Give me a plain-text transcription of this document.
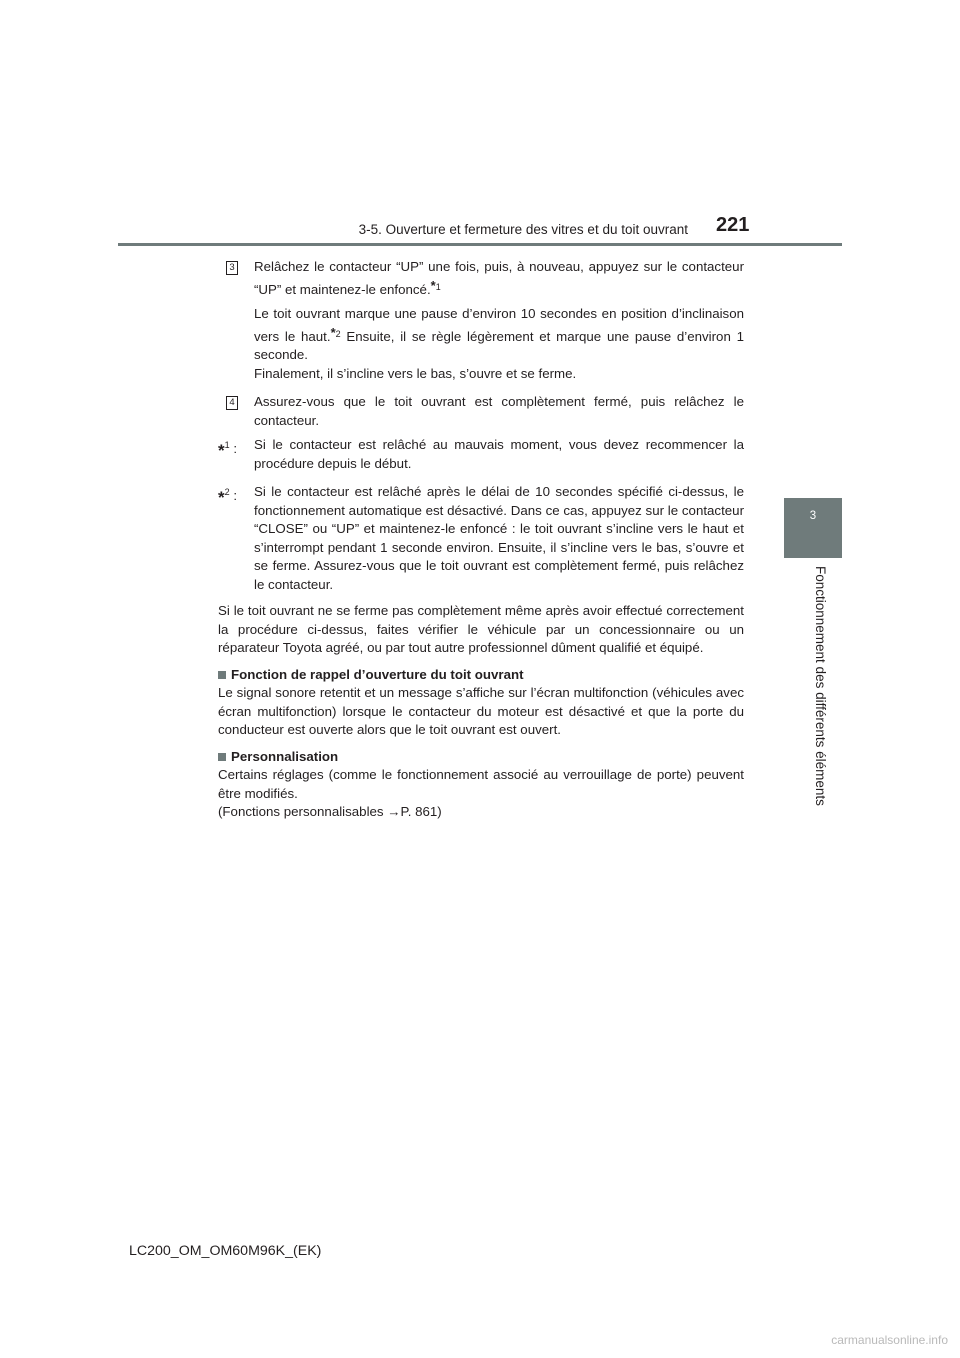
3-5. Ouverture et fermeture des vitres et du toit ouvrant 221
3
Fonctionnement des différents éléments
3 Relâchez le contacteur “UP” une fois, puis, à nouveau, appuyez sur le contacteur “UP” et maintenez-le enfoncé.$^{*1}$

Le toit ouvrant marque une pause d’environ 10 secondes en position d’inclinaison vers le haut.$^{*2}$ Ensuite, il se règle légèrement et marque une pause d’environ 1 seconde.

Finalement, il s’incline vers le bas, s’ouvre et se ferme.

4 Assurez-vous que le toit ouvrant est complètement fermé, puis relâchez le contacteur.

*$^1$ :	Si le contacteur est relâché au mauvais moment, vous devez recommencer la procédure depuis le début.

*$^2$ :	Si le contacteur est relâché après le délai de 10 secondes spécifié ci-dessus, le fonctionnement automatique est désactivé. Dans ce cas, appuyez sur le contacteur “CLOSE” ou “UP” et maintenez-le enfoncé : le toit ouvrant s’incline vers le haut et s’interrompt pendant 1 seconde environ. Ensuite, il s’incline vers le bas, s’ouvre et se ferme. Assurez-vous que le toit ouvrant est complètement fermé, puis relâchez le contacteur.

Si le toit ouvrant ne se ferme pas complètement même après avoir effectué correctement la procédure ci-dessus, faites vérifier le véhicule par un concessionnaire ou un réparateur Toyota agréé, ou par tout autre professionnel dûment qualifié et équipé.

Fonction de rappel d’ouverture du toit ouvrant

Le signal sonore retentit et un message s’affiche sur l’écran multifonction (véhicules avec écran multifonction) lorsque le contacteur du moteur est désactivé et que la porte du conducteur est ouverte alors que le toit ouvrant est ouvert.

Personnalisation

Certains réglages (comme le fonctionnement associé au verrouillage de porte) peuvent être modifiés.

(Fonctions personnalisables →P. 861)

LC200_OM_OM60M96K_(EK)
carmanualsonline.info
